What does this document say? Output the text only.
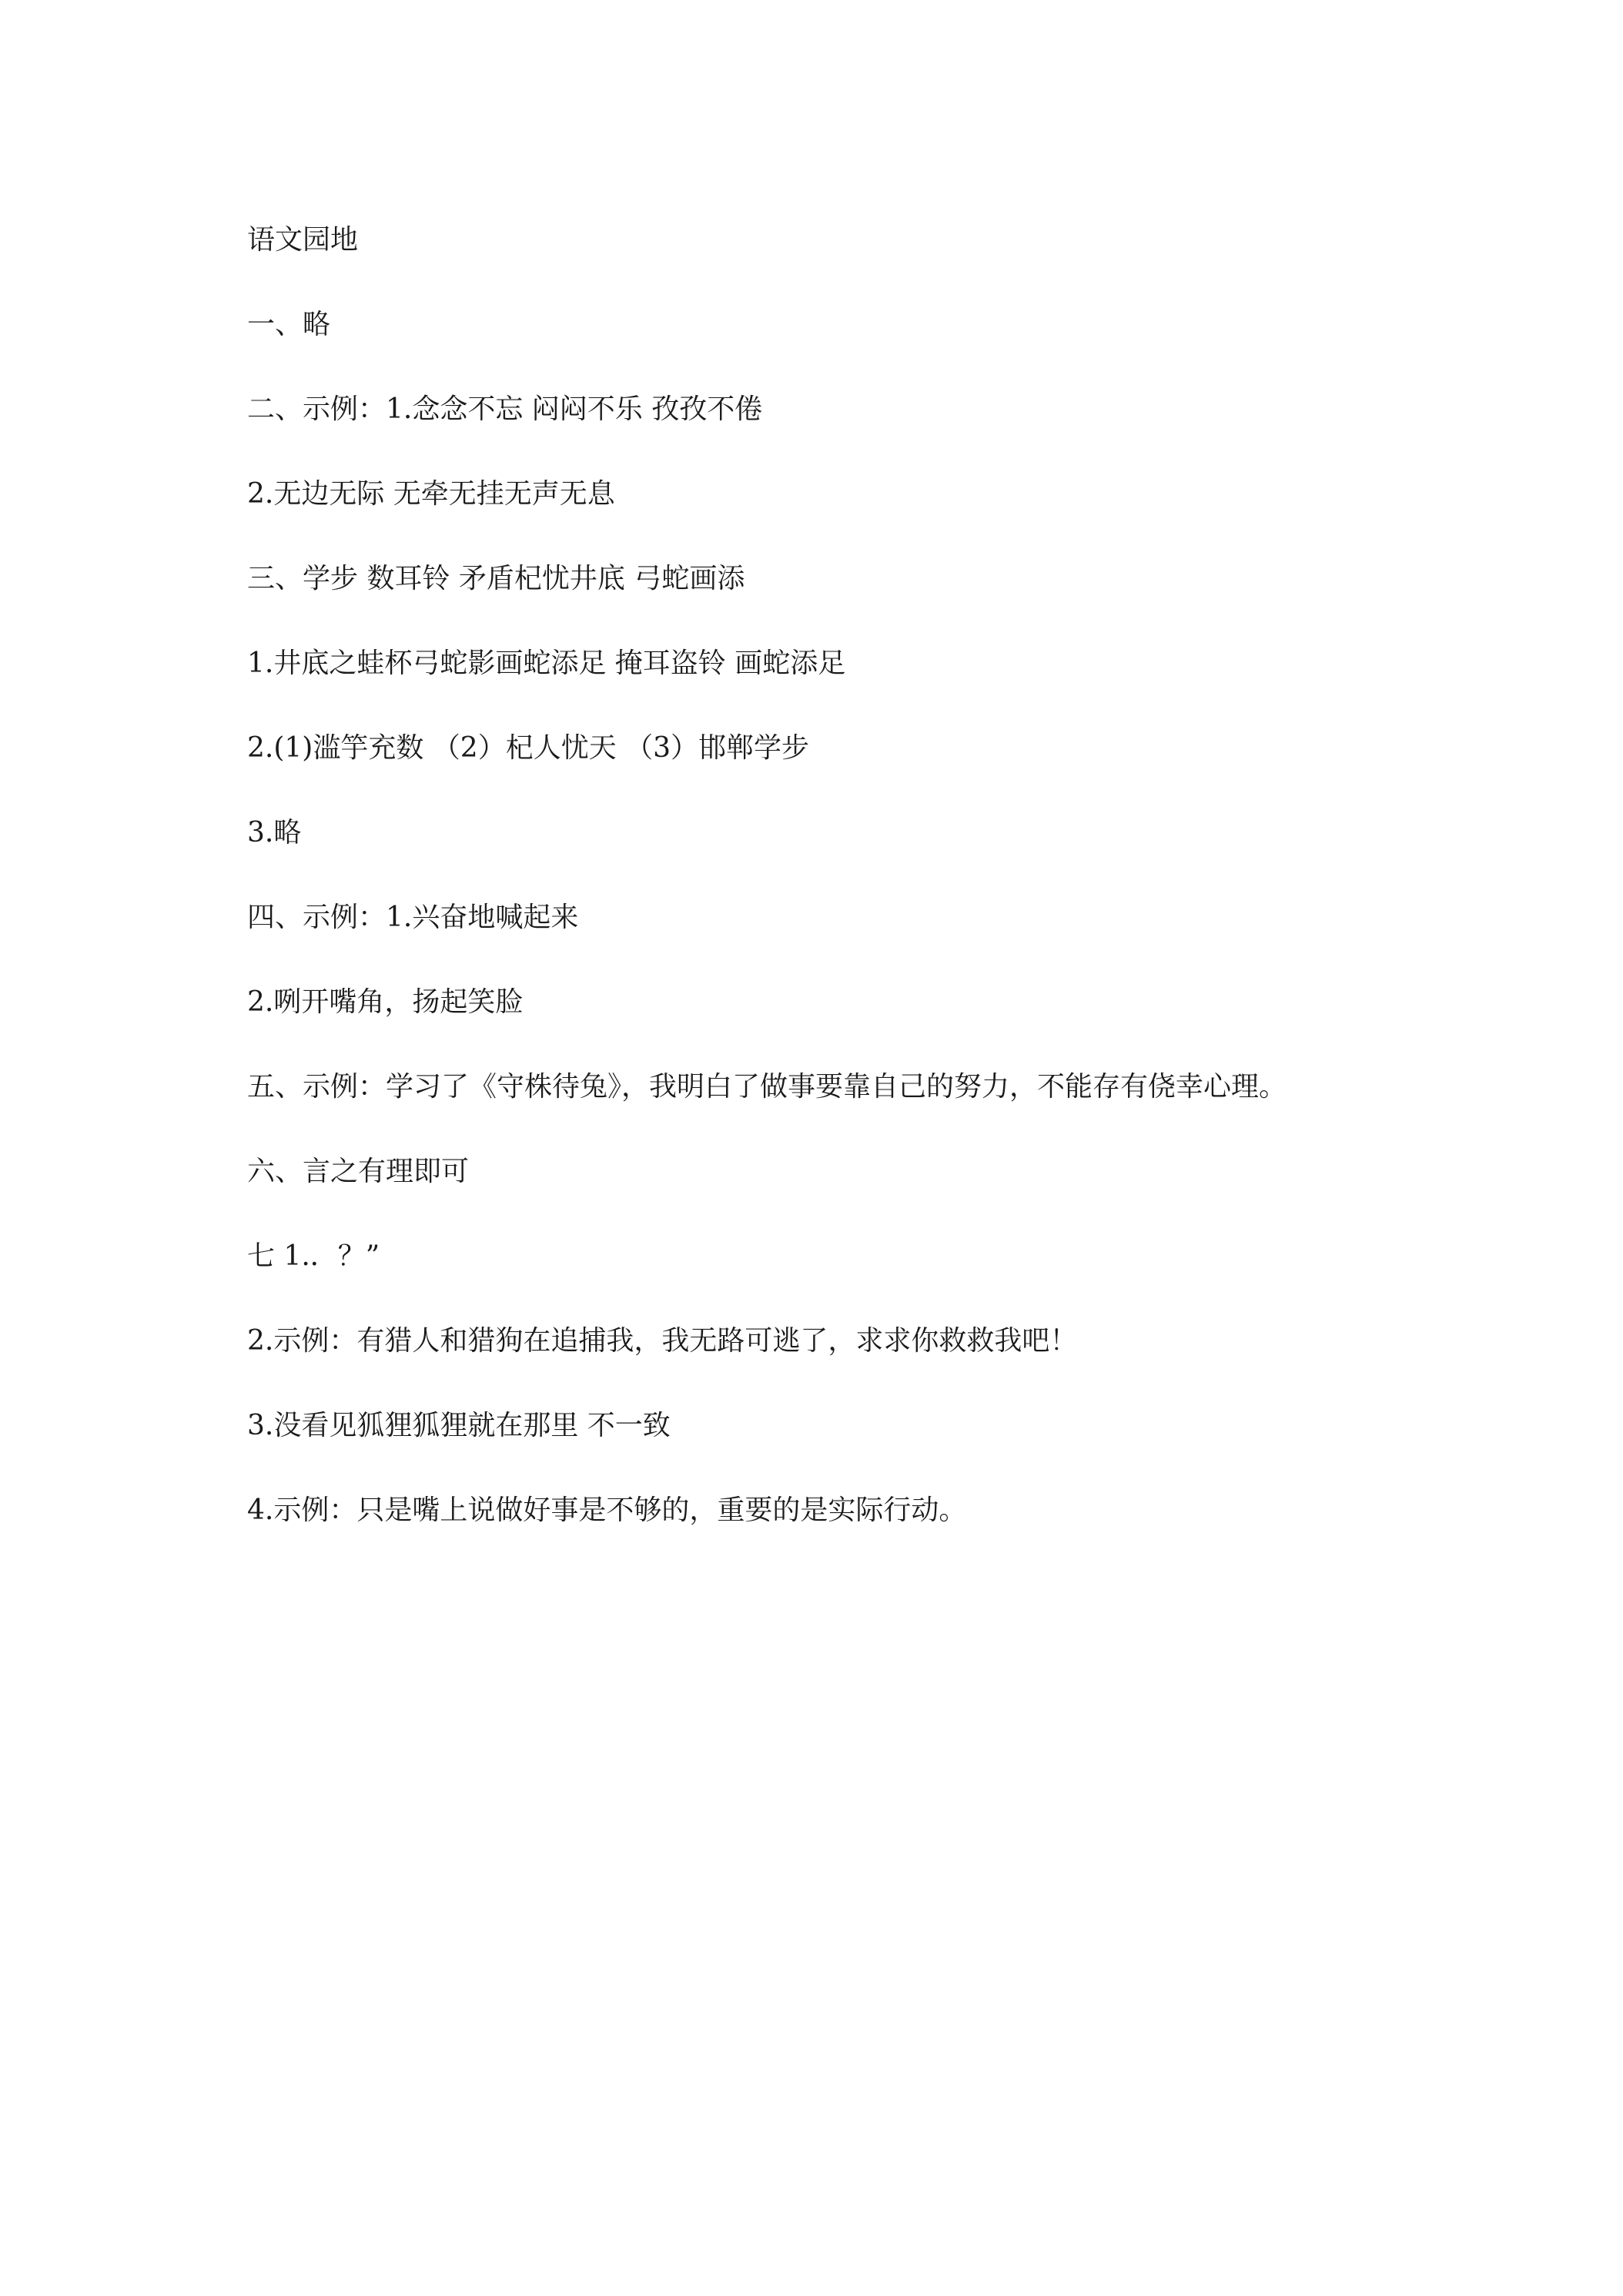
语文园地

一、略

二、示例：1.念念不忘 闷闷不乐 孜孜不倦

2.无边无际 无牵无挂无声无息

三、学步 数耳铃 矛盾杞忧井底 弓蛇画添

1.井底之蛙杯弓蛇影画蛇添足 掩耳盗铃 画蛇添足

2.(1)滥竽充数 （2）杞人忧天 （3）邯郸学步

3.略

四、示例：1.兴奋地喊起来

2.咧开嘴角，扬起笑脸

五、示例：学习了《守株待兔》，我明白了做事要靠自己的努力，不能存有侥幸心理。

六、言之有理即可

七 1.．？”

2.示例：有猎人和猎狗在追捕我，我无路可逃了，求求你救救我吧！

3.没看见狐狸狐狸就在那里 不一致

4.示例：只是嘴上说做好事是不够的，重要的是实际行动。
